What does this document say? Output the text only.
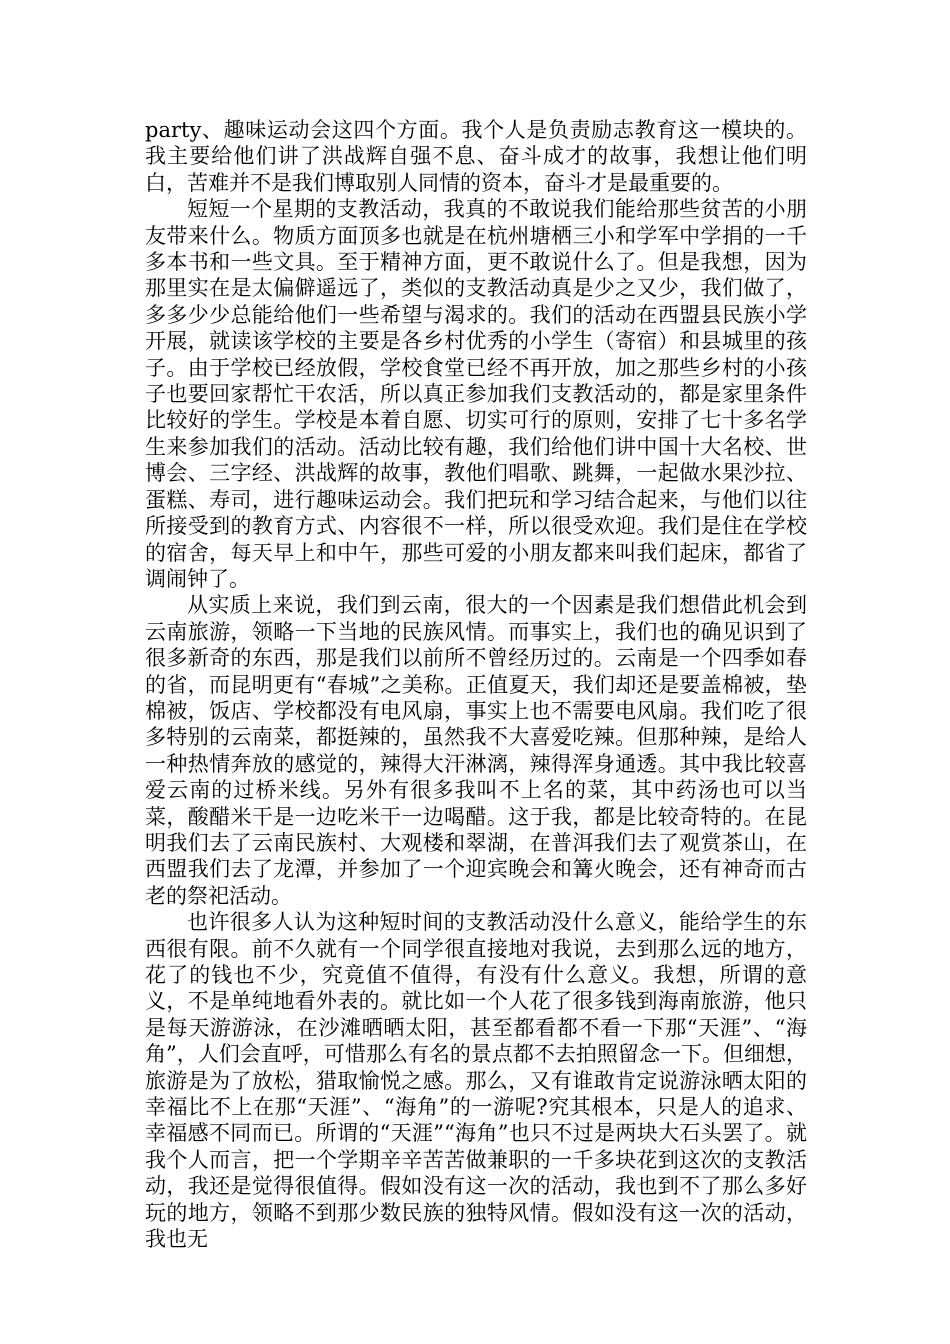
party、趣味运动会这四个方面。我个人是负责励志教育这一模块的。我主要给他们讲了洪战辉自强不息、奋斗成才的故事，我想让他们明白，苦难并不是我们博取别人同情的资本，奋斗才是最重要的。

短短一个星期的支教活动，我真的不敢说我们能给那些贫苦的小朋友带来什么。物质方面顶多也就是在杭州塘栖三小和学军中学捐的一千多本书和一些文具。至于精神方面，更不敢说什么了。但是我想，因为那里实在是太偏僻遥远了，类似的支教活动真是少之又少，我们做了，多多少少总能给他们一些希望与渴求的。我们的活动在西盟县民族小学开展，就读该学校的主要是各乡村优秀的小学生（寄宿）和县城里的孩子。由于学校已经放假，学校食堂已经不再开放，加之那些乡村的小孩子也要回家帮忙干农活，所以真正参加我们支教活动的，都是家里条件比较好的学生。学校是本着自愿、切实可行的原则，安排了七十多名学生来参加我们的活动。活动比较有趣，我们给他们讲中国十大名校、世博会、三字经、洪战辉的故事，教他们唱歌、跳舞，一起做水果沙拉、蛋糕、寿司，进行趣味运动会。我们把玩和学习结合起来，与他们以往所接受到的教育方式、内容很不一样，所以很受欢迎。我们是住在学校的宿舍，每天早上和中午，那些可爱的小朋友都来叫我们起床，都省了调闹钟了。

从实质上来说，我们到云南，很大的一个因素是我们想借此机会到云南旅游，领略一下当地的民族风情。而事实上，我们也的确见识到了很多新奇的东西，那是我们以前所不曾经历过的。云南是一个四季如春的省，而昆明更有“春城”之美称。正值夏天，我们却还是要盖棉被，垫棉被，饭店、学校都没有电风扇，事实上也不需要电风扇。我们吃了很多特别的云南菜，都挺辣的，虽然我不大喜爱吃辣。但那种辣，是给人一种热情奔放的感觉的，辣得大汗淋漓，辣得浑身通透。其中我比较喜爱云南的过桥米线。另外有很多我叫不上名的菜，其中药汤也可以当菜，酸醋米干是一边吃米干一边喝醋。这于我，都是比较奇特的。在昆明我们去了云南民族村、大观楼和翠湖，在普洱我们去了观赏茶山，在西盟我们去了龙潭，并参加了一个迎宾晚会和篝火晚会，还有神奇而古老的祭祀活动。

也许很多人认为这种短时间的支教活动没什么意义，能给学生的东西很有限。前不久就有一个同学很直接地对我说，去到那么远的地方，花了的钱也不少，究竟值不值得，有没有什么意义。我想，所谓的意义，不是单纯地看外表的。就比如一个人花了很多钱到海南旅游，他只是每天游游泳，在沙滩晒晒太阳，甚至都看都不看一下那“天涯”、“海角”，人们会直呼，可惜那么有名的景点都不去拍照留念一下。但细想，旅游是为了放松，猎取愉悦之感。那么，又有谁敢肯定说游泳晒太阳的幸福比不上在那“天涯”、“海角”的一游呢?究其根本，只是人的追求、幸福感不同而已。所谓的“天涯”“海角”也只不过是两块大石头罢了。就我个人而言，把一个学期辛辛苦苦做兼职的一千多块花到这次的支教活动，我还是觉得很值得。假如没有这一次的活动，我也到不了那么多好玩的地方，领略不到那少数民族的独特风情。假如没有这一次的活动，我也无
